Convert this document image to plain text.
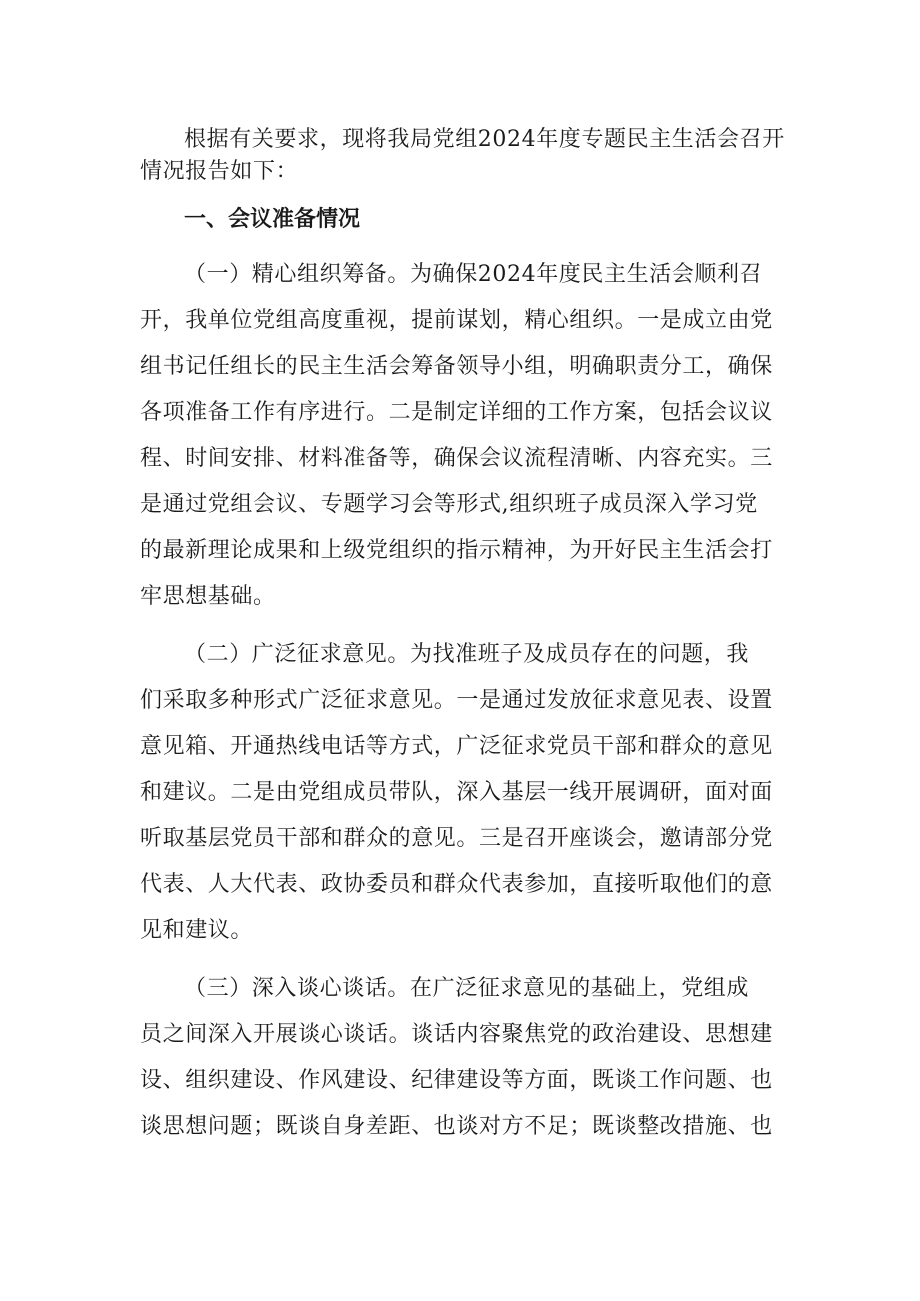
根据有关要求，现将我局党组2024年度专题民主生活会召开
情况报告如下：
一、会议准备情况
（一）精心组织筹备。为确保2024年度民主生活会顺利召
开，我单位党组高度重视，提前谋划，精心组织。一是成立由党
组书记任组长的民主生活会筹备领导小组，明确职责分工，确保
各项准备工作有序进行。二是制定详细的工作方案，包括会议议
程、时间安排、材料准备等，确保会议流程清晰、内容充实。三
是通过党组会议、专题学习会等形式,组织班子成员深入学习党
的最新理论成果和上级党组织的指示精神，为开好民主生活会打
牢思想基础。
（二）广泛征求意见。为找准班子及成员存在的问题，我
们采取多种形式广泛征求意见。一是通过发放征求意见表、设置
意见箱、开通热线电话等方式，广泛征求党员干部和群众的意见
和建议。二是由党组成员带队，深入基层一线开展调研，面对面
听取基层党员干部和群众的意见。三是召开座谈会，邀请部分党
代表、人大代表、政协委员和群众代表参加，直接听取他们的意
见和建议。
（三）深入谈心谈话。在广泛征求意见的基础上，党组成
员之间深入开展谈心谈话。谈话内容聚焦党的政治建设、思想建
设、组织建设、作风建设、纪律建设等方面，既谈工作问题、也
谈思想问题；既谈自身差距、也谈对方不足；既谈整改措施、也
